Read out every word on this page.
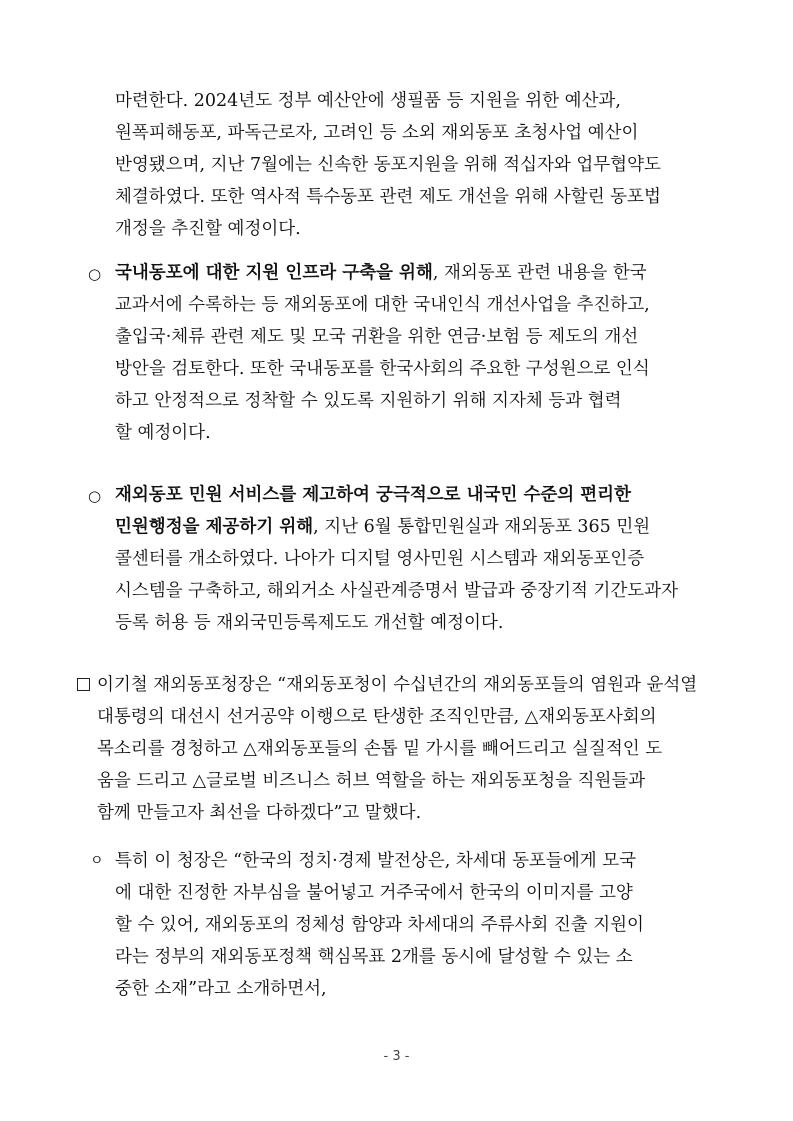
마련한다. 2024년도 정부 예산안에 생필품 등 지원을 위한 예산과,
원폭피해동포, 파독근로자, 고려인 등 소외 재외동포 초청사업 예산이
반영됐으며, 지난 7월에는 신속한 동포지원을 위해 적십자와 업무협약도
체결하였다. 또한 역사적 특수동포 관련 제도 개선을 위해 사할린 동포법
개정을 추진할 예정이다.
○ 국내동포에 대한 지원 인프라 구축을 위해, 재외동포 관련 내용을 한국
교과서에 수록하는 등 재외동포에 대한 국내인식 개선사업을 추진하고,
출입국·체류 관련 제도 및 모국 귀환을 위한 연금·보험 등 제도의 개선
방안을 검토한다. 또한 국내동포를 한국사회의 주요한 구성원으로 인식
하고 안정적으로 정착할 수 있도록 지원하기 위해 지자체 등과 협력
할 예정이다.
○ 재외동포 민원 서비스를 제고하여 궁극적으로 내국민 수준의 편리한
민원행정을 제공하기 위해, 지난 6월 통합민원실과 재외동포 365 민원
콜센터를 개소하였다. 나아가 디지털 영사민원 시스템과 재외동포인증
시스템을 구축하고, 해외거소 사실관계증명서 발급과 중장기적 기간도과자
등록 허용 등 재외국민등록제도도 개선할 예정이다.
이기철 재외동포청장은 “재외동포청이 수십년간의 재외동포들의 염원과 윤석열
대통령의 대선시 선거공약 이행으로 탄생한 조직인만큼, △재외동포사회의
목소리를 경청하고 △재외동포들의 손톱 밑 가시를 빼어드리고 실질적인 도
움을 드리고 △글로벌 비즈니스 허브 역할을 하는 재외동포청을 직원들과
함께 만들고자 최선을 다하겠다”고 말했다.
ㅇ 특히 이 청장은 “한국의 정치·경제 발전상은, 차세대 동포들에게 모국
에 대한 진정한 자부심을 불어넣고 거주국에서 한국의 이미지를 고양
할 수 있어, 재외동포의 정체성 함양과 차세대의 주류사회 진출 지원이
라는 정부의 재외동포정책 핵심목표 2개를 동시에 달성할 수 있는 소
중한 소재”라고 소개하면서,
- 3 -
